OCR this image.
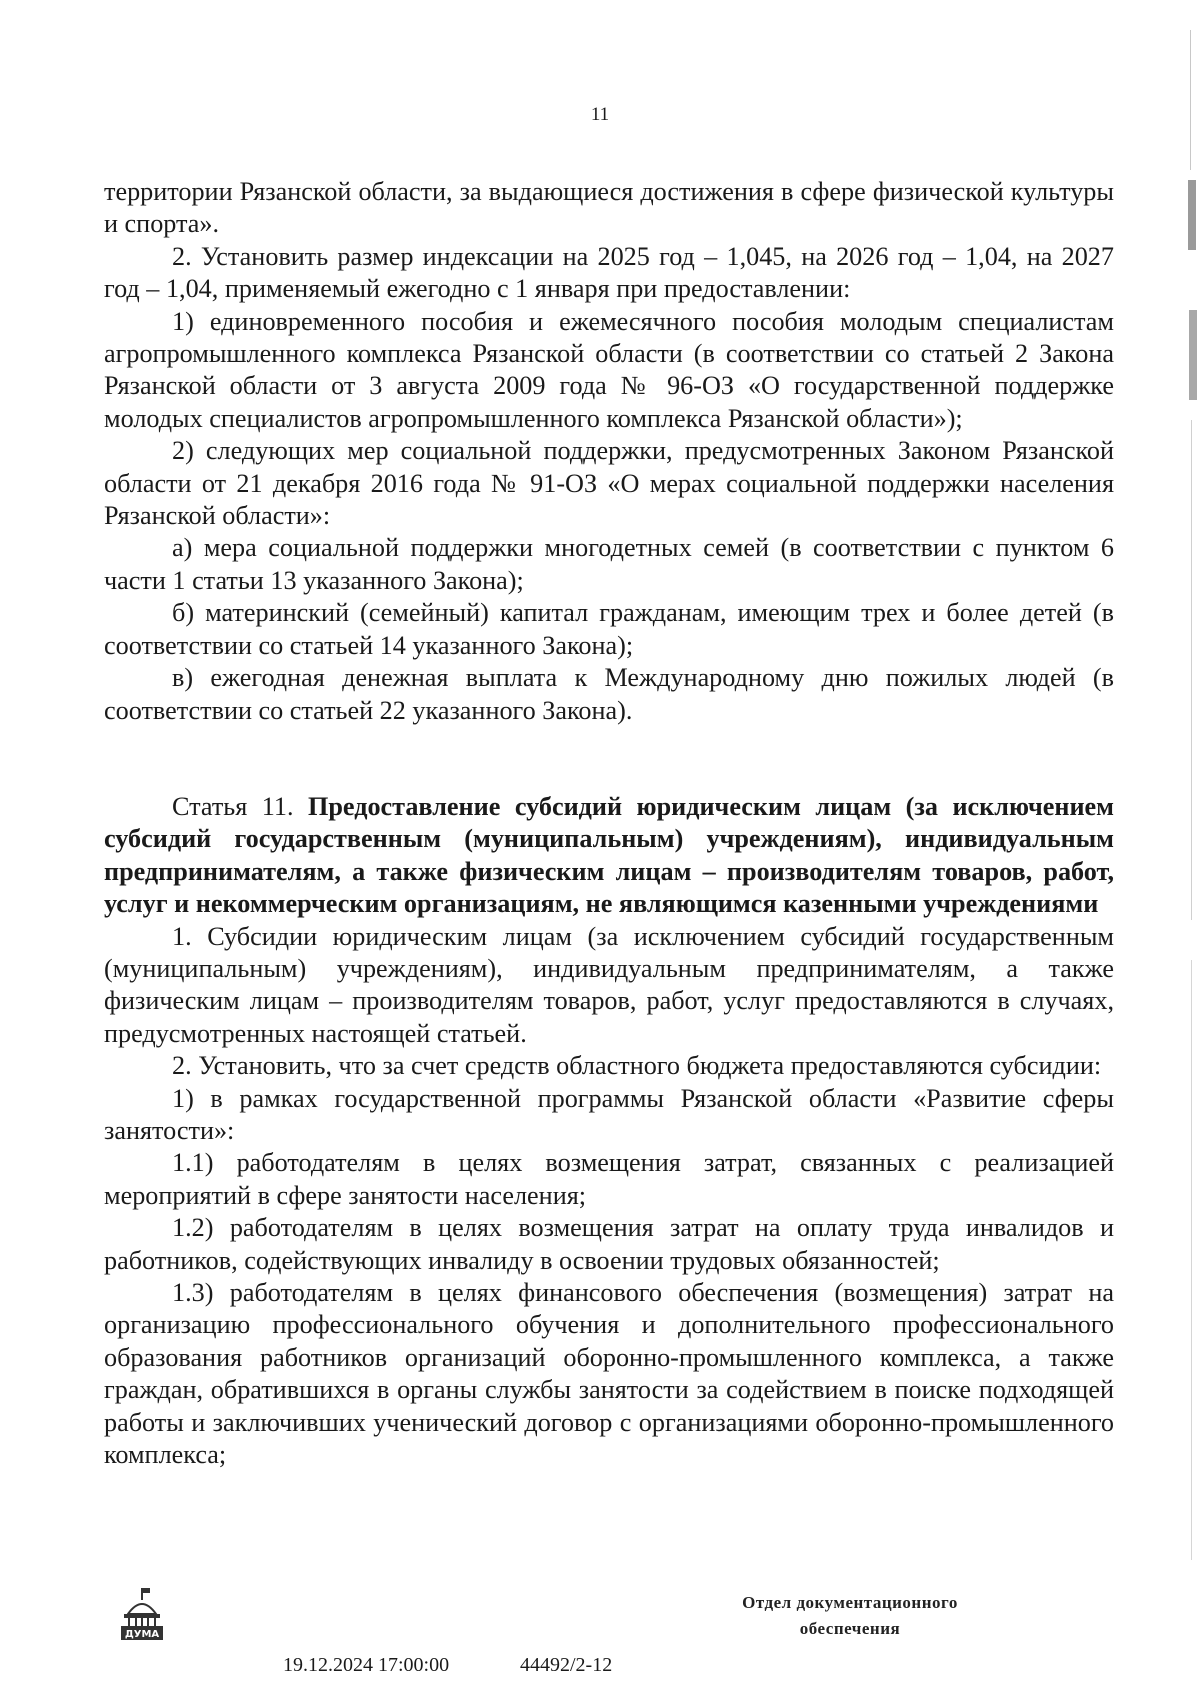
11

территории Рязанской области, за выдающиеся достижения в сфере физической культуры и спорта».

2. Установить размер индексации на 2025 год – 1,045, на 2026 год – 1,04, на 2027 год – 1,04, применяемый ежегодно с 1 января при предоставлении:

1) единовременного пособия и ежемесячного пособия молодым специалистам агропромышленного комплекса Рязанской области (в соответствии со статьей 2 Закона Рязанской области от 3 августа 2009 года № 96-ОЗ «О государственной поддержке молодых специалистов агропромышленного комплекса Рязанской области»);

2) следующих мер социальной поддержки, предусмотренных Законом Рязанской области от 21 декабря 2016 года № 91-ОЗ «О мерах социальной поддержки населения Рязанской области»:

а) мера социальной поддержки многодетных семей (в соответствии с пунктом 6 части 1 статьи 13 указанного Закона);

б) материнский (семейный) капитал гражданам, имеющим трех и более детей (в соответствии со статьей 14 указанного Закона);

в) ежегодная денежная выплата к Международному дню пожилых людей (в соответствии со статьей 22 указанного Закона).

Статья 11. Предоставление субсидий юридическим лицам (за исключением субсидий государственным (муниципальным) учреждениям), индивидуальным предпринимателям, а также физическим лицам – производителям товаров, работ, услуг и некоммерческим организациям, не являющимся казенными учреждениями

1. Субсидии юридическим лицам (за исключением субсидий государственным (муниципальным) учреждениям), индивидуальным предпринимателям, а также физическим лицам – производителям товаров, работ, услуг предоставляются в случаях, предусмотренных настоящей статьей.

2. Установить, что за счет средств областного бюджета предоставляются субсидии:

1) в рамках государственной программы Рязанской области «Развитие сферы занятости»:

1.1) работодателям в целях возмещения затрат, связанных с реализацией мероприятий в сфере занятости населения;

1.2) работодателям в целях возмещения затрат на оплату труда инвалидов и работников, содействующих инвалиду в освоении трудовых обязанностей;

1.3) работодателям в целях финансового обеспечения (возмещения) затрат на организацию профессионального обучения и дополнительного профессионального образования работников организаций оборонно-промышленного комплекса, а также граждан, обратившихся в органы службы занятости за содействием в поиске подходящей работы и заключивших ученический договор с организациями оборонно-промышленного комплекса;

ДУМА
19.12.2024 17:00:00	44492/2-12
Отдел документационного
обеспечения
